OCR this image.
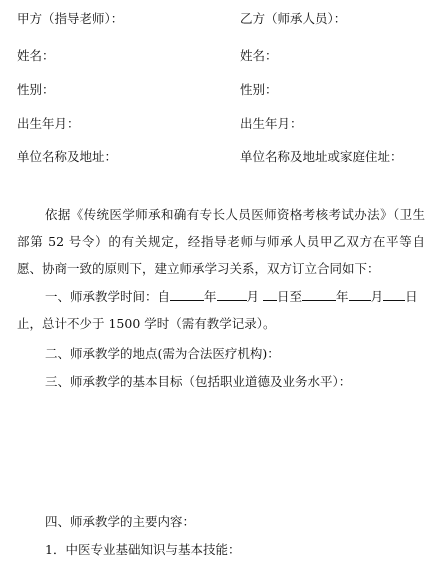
甲方（指导老师）：	乙方（师承人员）：
姓名：	姓名：
性别：	性别：
出生年月：	出生年月：
单位名称及地址：	单位名称及地址或家庭住址：
依据《传统医学师承和确有专长人员医师资格考核考试办法》（卫生部第 52 号令）的有关规定，经指导老师与师承人员甲乙双方在平等自愿、协商一致的原则下，建立师承学习关系，双方订立合同如下：
一、师承教学时间：自	年 月 日至	年 月 日
止，总计不少于 1500 学时（需有教学记录）。
二、师承教学的地点(需为合法医疗机构)：
三、师承教学的基本目标（包括职业道德及业务水平）：
四、师承教学的主要内容：
1．中医专业基础知识与基本技能：
